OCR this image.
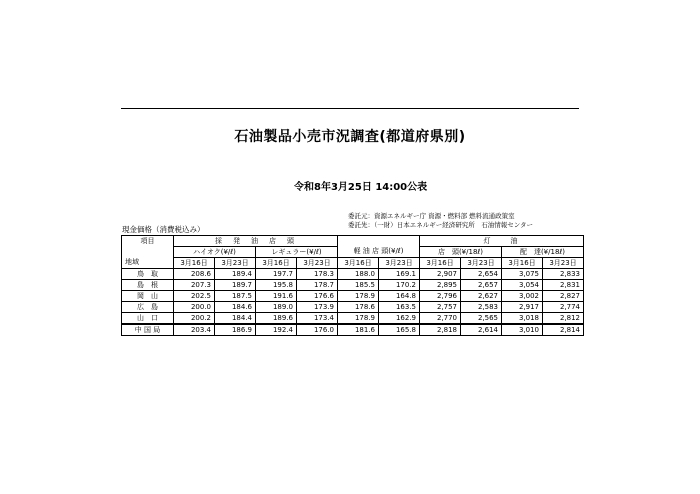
石油製品小売市況調査(都道府県別)
令和8年3月25日 14:00公表
委託元：資源エネルギー庁 資源・燃料部 燃料流通政策室
委託先：（一財）日本エネルギー経済研究所　石油情報センター
現金価格（消費税込み）
項目	採　発　油　店　頭						灯　　油			
	ハイオク(¥/ℓ)		レギュラー(¥/ℓ)		軽 油 店 頭(¥/ℓ)		店　頭(¥/18ℓ)		配　達(¥/18ℓ)	
地域	3月16日	3月23日	3月16日	3月23日	3月16日	3月23日	3月16日	3月23日	3月16日	3月23日
鳥　取	208.6	189.4	197.7	178.3	188.0	169.1	2,907	2,654	3,075	2,833
島　根	207.3	189.7	195.8	178.7	185.5	170.2	2,895	2,657	3,054	2,831
岡　山	202.5	187.5	191.6	176.6	178.9	164.8	2,796	2,627	3,002	2,827
広　島	200.0	184.6	189.0	173.9	178.6	163.5	2,757	2,583	2,917	2,774
山　口	200.2	184.4	189.6	173.4	178.9	162.9	2,770	2,565	3,018	2,812
中 国 局	203.4	186.9	192.4	176.0	181.6	165.8	2,818	2,614	3,010	2,814
